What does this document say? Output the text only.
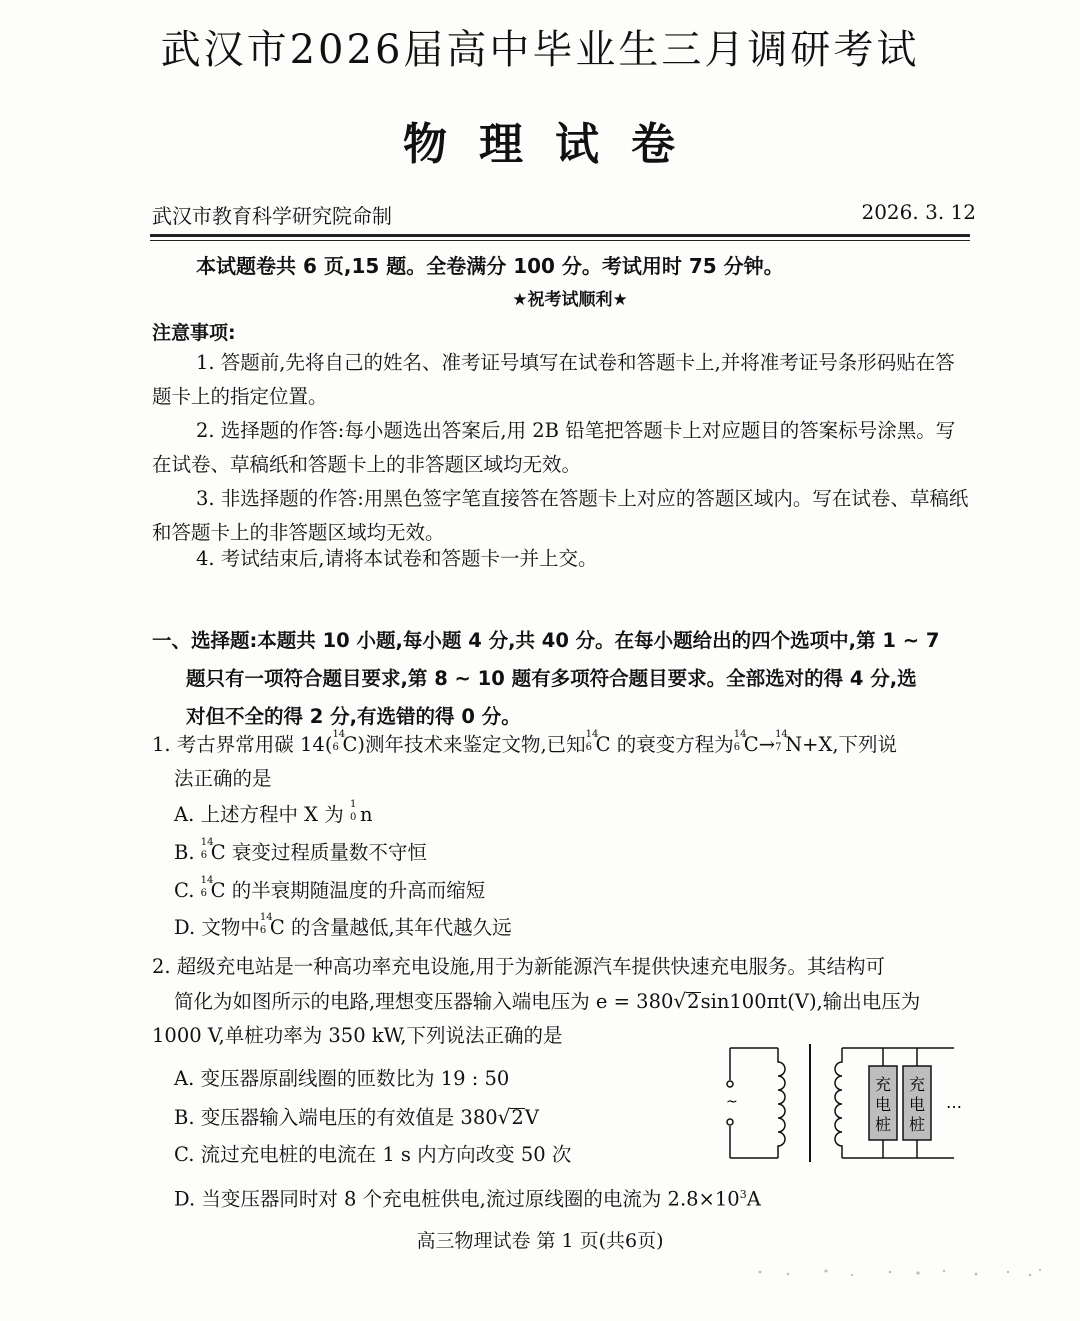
武汉市2026届高中毕业生三月调研考试
物理试卷
武汉市教育科学研究院命制	2026. 3. 12
本试题卷共 6 页,15 题。全卷满分 100 分。考试用时 75 分钟。
★祝考试顺利★
注意事项:
1. 答题前,先将自己的姓名、准考证号填写在试卷和答题卡上,并将准考证号条形码贴在答题卡上的指定位置。
2. 选择题的作答:每小题选出答案后,用 2B 铅笔把答题卡上对应题目的答案标号涂黑。写在试卷、草稿纸和答题卡上的非答题区域均无效。
3. 非选择题的作答:用黑色签字笔直接答在答题卡上对应的答题区域内。写在试卷、草稿纸和答题卡上的非答题区域均无效。
4. 考试结束后,请将本试卷和答题卡一并上交。
一、选择题:本题共 10 小题,每小题 4 分,共 40 分。在每小题给出的四个选项中,第 1 ~ 7
题只有一项符合题目要求,第 8 ~ 10 题有多项符合题目要求。全部选对的得 4 分,选
对但不全的得 2 分,有选错的得 0 分。
1. 考古界常用碳 14( 14
6 C)测年技术来鉴定文物,已知 14
6 C 的衰变方程为 14
6 C→ 14
7 N+X,下列说
法正确的是
A. 上述方程中 X 为 1
0 n
B. 14
6 C 衰变过程质量数不守恒
C. 14
6 C 的半衰期随温度的升高而缩短
D. 文物中 14
6 C 的含量越低,其年代越久远
2. 超级充电站是一种高功率充电设施,用于为新能源汽车提供快速充电服务。其结构可
简化为如图所示的电路,理想变压器输入端电压为 e = 380√2sin100πt(V),输出电压为
1000 V,单桩功率为 350 kW,下列说法正确的是
A. 变压器原副线圈的匝数比为 19 : 50
B. 变压器输入端电压的有效值是 380√2V
C. 流过充电桩的电流在 1 s 内方向改变 50 次
D. 当变压器同时对 8 个充电桩供电,流过原线圈的电流为 $2.8\times 10^3A$
~
充
电
桩
充
电
桩
…
高三物理试卷 第 1 页(共6页)
